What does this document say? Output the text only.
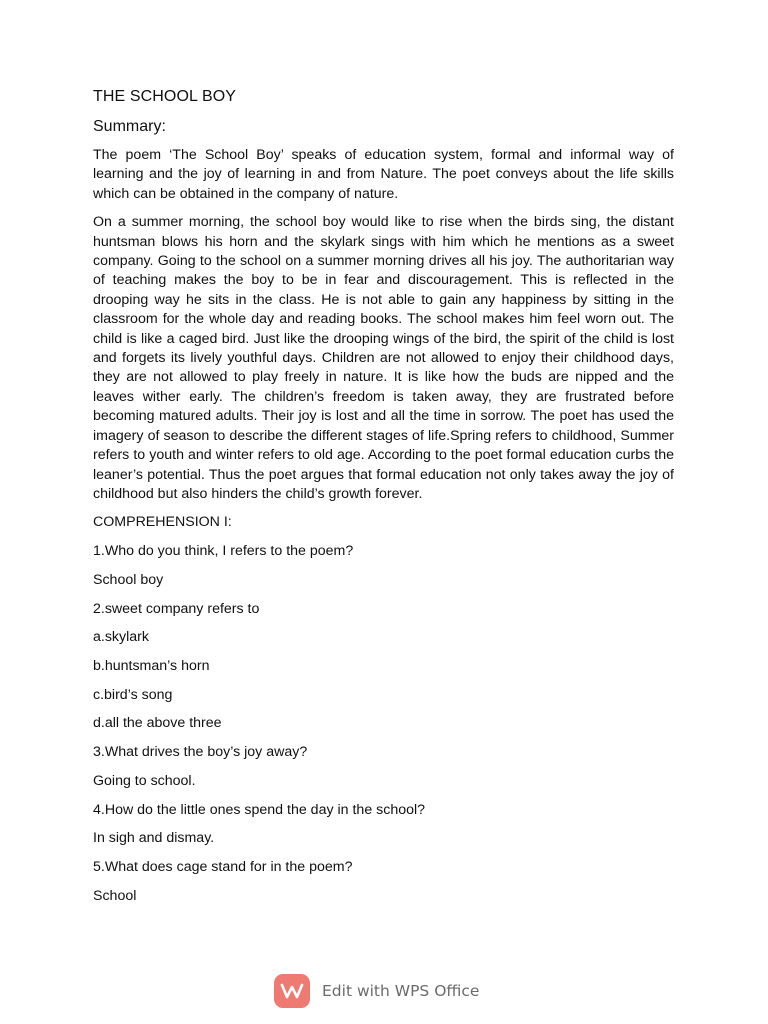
THE SCHOOL BOY
Summary:

The poem ‘The School Boy’ speaks of education system, formal and informal way of learning and the joy of learning in and from Nature. The poet conveys about the life skills which can be obtained in the company of nature.

On a summer morning, the school boy would like to rise when the birds sing, the distant huntsman blows his horn and the skylark sings with him which he mentions as a sweet company. Going to the school on a summer morning drives all his joy. The authoritarian way of teaching makes the boy to be in fear and discouragement. This is reflected in the drooping way he sits in the class. He is not able to gain any happiness by sitting in the classroom for the whole day and reading books. The school makes him feel worn out. The child is like a caged bird. Just like the drooping wings of the bird, the spirit of the child is lost and forgets its lively youthful days. Children are not allowed to enjoy their childhood days, they are not allowed to play freely in nature. It is like how the buds are nipped and the leaves wither early. The children’s freedom is taken away, they are frustrated before becoming matured adults. Their joy is lost and all the time in sorrow. The poet has used the imagery of season to describe the different stages of life.Spring refers to childhood, Summer refers to youth and winter refers to old age. According to the poet formal education curbs the leaner’s potential. Thus the poet argues that formal education not only takes away the joy of childhood but also hinders the child’s growth forever.

COMPREHENSION I:
1.Who do you think, I refers to the poem?
School boy
2.sweet company refers to
a.skylark
b.huntsman’s horn
c.bird’s song
d.all the above three
3.What drives the boy’s joy away?
Going to school.
4.How do the little ones spend the day in the school?
In sigh and dismay.
5.What does cage stand for in the poem?
School
Edit with WPS Office
